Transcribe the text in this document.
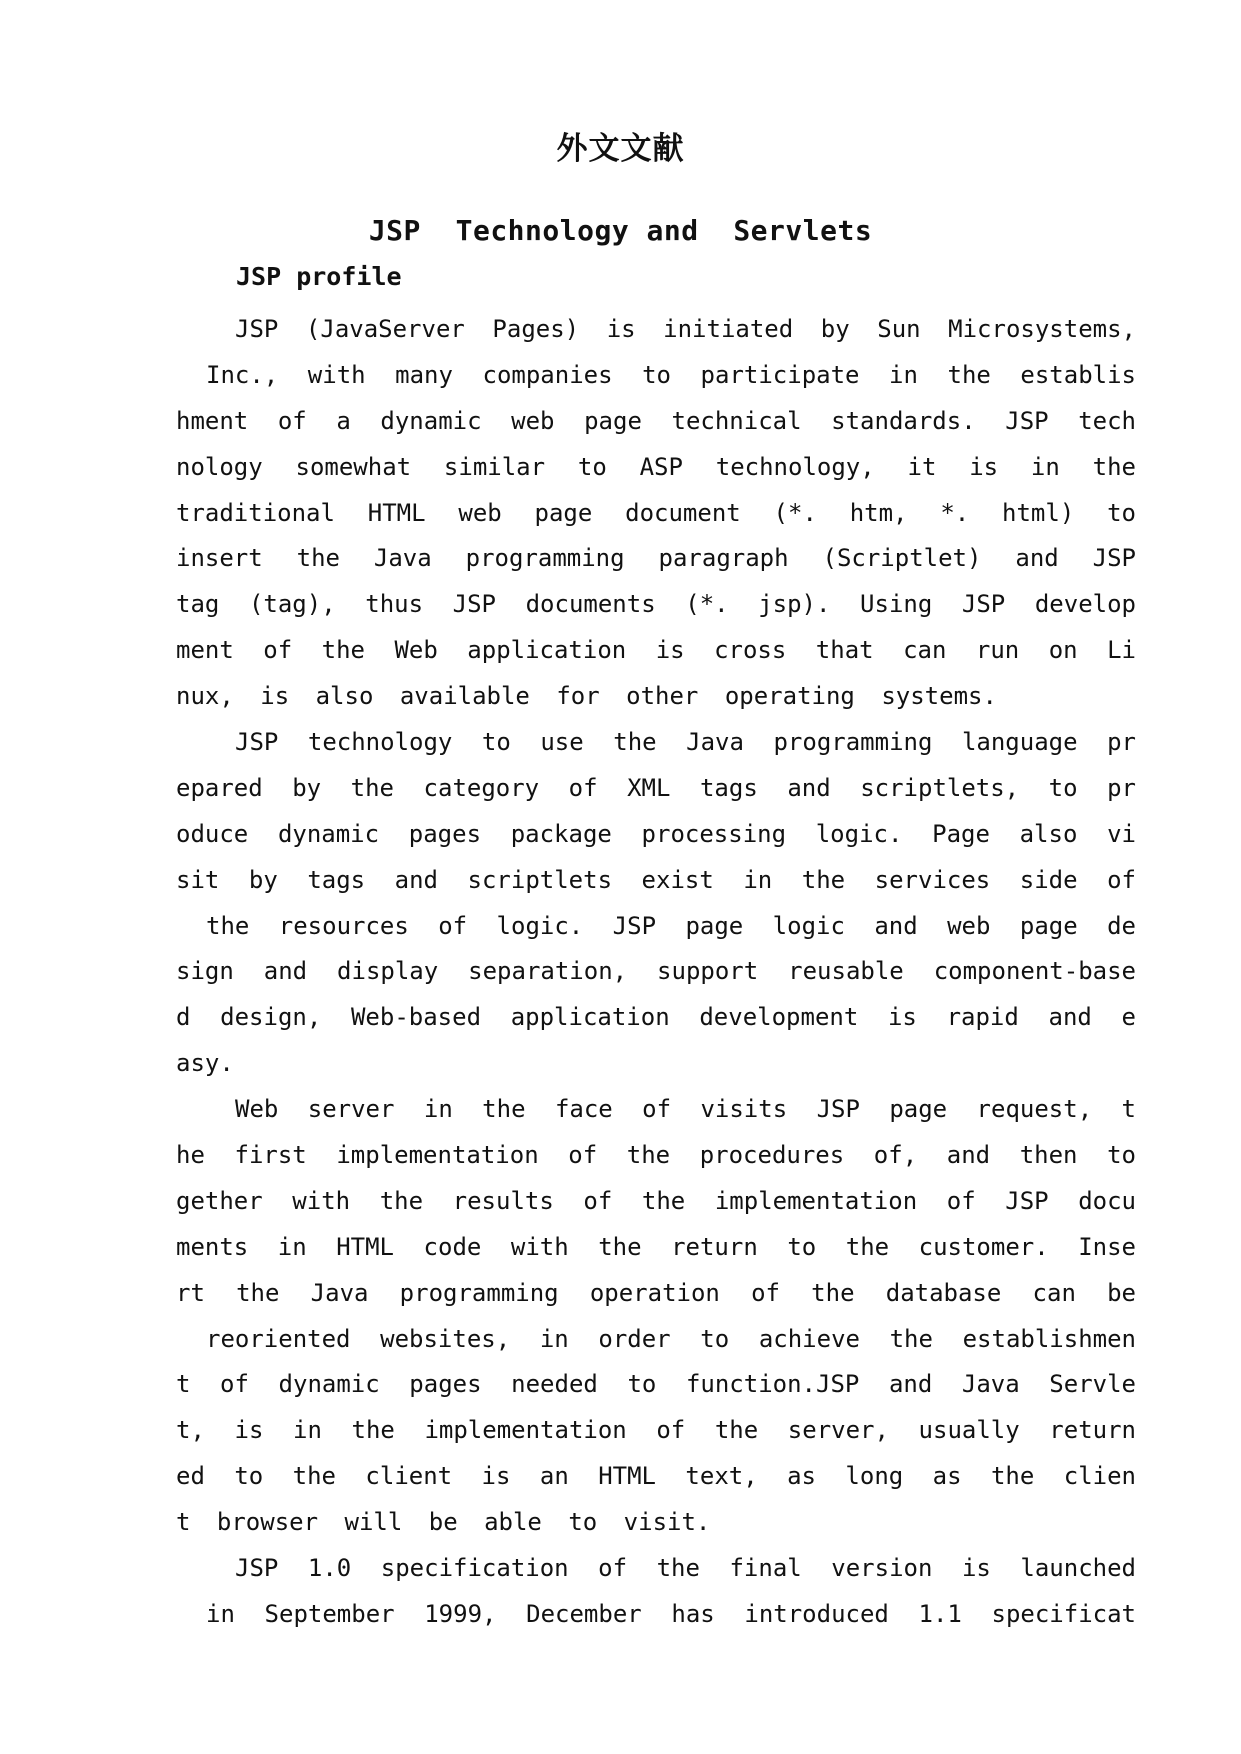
外文文献
JSP  Technology and  Servlets
JSP profile
JSP (JavaServer Pages) is initiated by Sun Microsystems,
Inc., with many companies to participate in the establis
hment of a dynamic web page technical standards. JSP tech
nology somewhat similar to ASP technology, it is in the
traditional HTML web page document (*. htm, *. html) to
insert the Java programming paragraph (Scriptlet) and JSP
tag (tag), thus JSP documents (*. jsp). Using JSP develop
ment of the Web application is cross that can run on Li
nux, is also available for other operating systems.
JSP technology to use the Java programming language pr
epared by the category of XML tags and scriptlets, to pr
oduce dynamic pages package processing logic. Page also vi
sit by tags and scriptlets exist in the services side of
the resources of logic. JSP page logic and web page de
sign and display separation, support reusable component-base
d design, Web-based application development is rapid and e
asy.
Web server in the face of visits JSP page request, t
he first implementation of the procedures of, and then to
gether with the results of the implementation of JSP docu
ments in HTML code with the return to the customer. Inse
rt the Java programming operation of the database can be
reoriented websites, in order to achieve the establishmen
t of dynamic pages needed to function.JSP and Java Servle
t, is in the implementation of the server, usually return
ed to the client is an HTML text, as long as the clien
t browser will be able to visit.
JSP 1.0 specification of the final version is launched
in September 1999, December has introduced 1.1 specificat
